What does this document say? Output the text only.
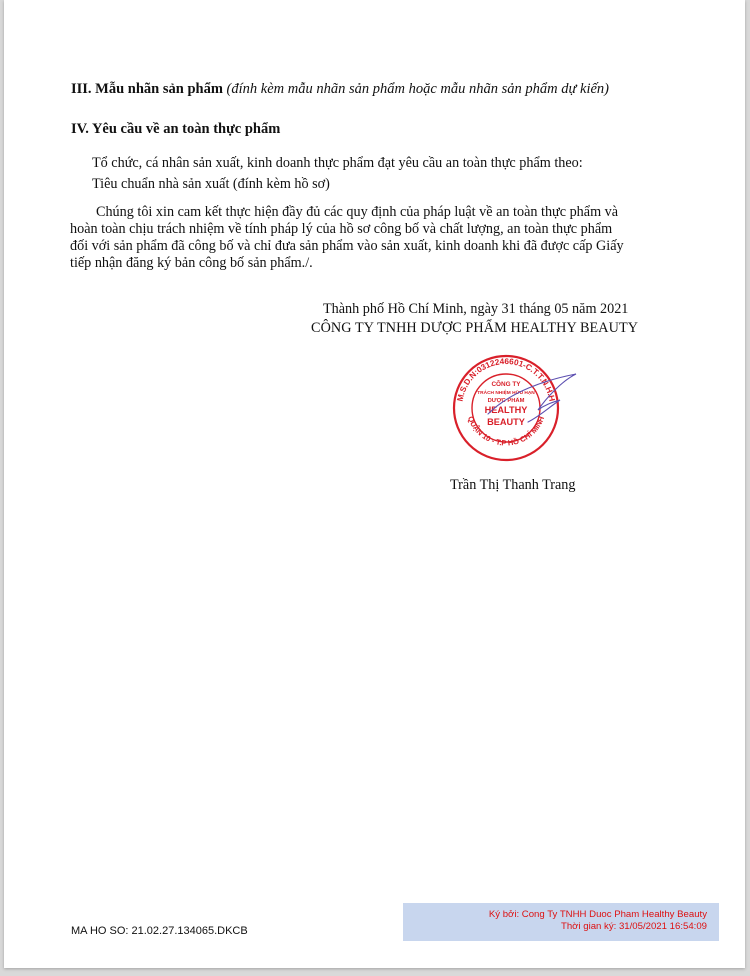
III. Mẫu nhãn sản phẩm (đính kèm mẫu nhãn sản phẩm hoặc mẫu nhãn sản phẩm dự kiến)
IV. Yêu cầu về an toàn thực phẩm
Tổ chức, cá nhân sản xuất, kinh doanh thực phẩm đạt yêu cầu an toàn thực phẩm theo:
Tiêu chuẩn nhà sản xuất (đính kèm hồ sơ)
Chúng tôi xin cam kết thực hiện đầy đủ các quy định của pháp luật về an toàn thực phẩm và
hoàn toàn chịu trách nhiệm về tính pháp lý của hồ sơ công bố và chất lượng, an toàn thực phẩm
đối với sản phẩm đã công bố và chỉ đưa sản phẩm vào sản xuất, kinh doanh khi đã được cấp Giấy
tiếp nhận đăng ký bản công bố sản phẩm./.
Thành phố Hồ Chí Minh, ngày 31 tháng 05 năm 2021
CÔNG TY TNHH DƯỢC PHẨM HEALTHY BEAUTY
M.S.D.N:0312246601-C.T.T.N.H.H
QUẬN 10 - T.P HỒ CHÍ MINH
CÔNG TY
TRÁCH NHIỆM HỮU HẠN
DƯỢC PHẨM
HEALTHY
BEAUTY
Trần Thị Thanh Trang
MA HO SO: 21.02.27.134065.DKCB
Ký bởi: Cong Ty TNHH Duoc Pham Healthy Beauty
Thời gian ký: 31/05/2021 16:54:09
